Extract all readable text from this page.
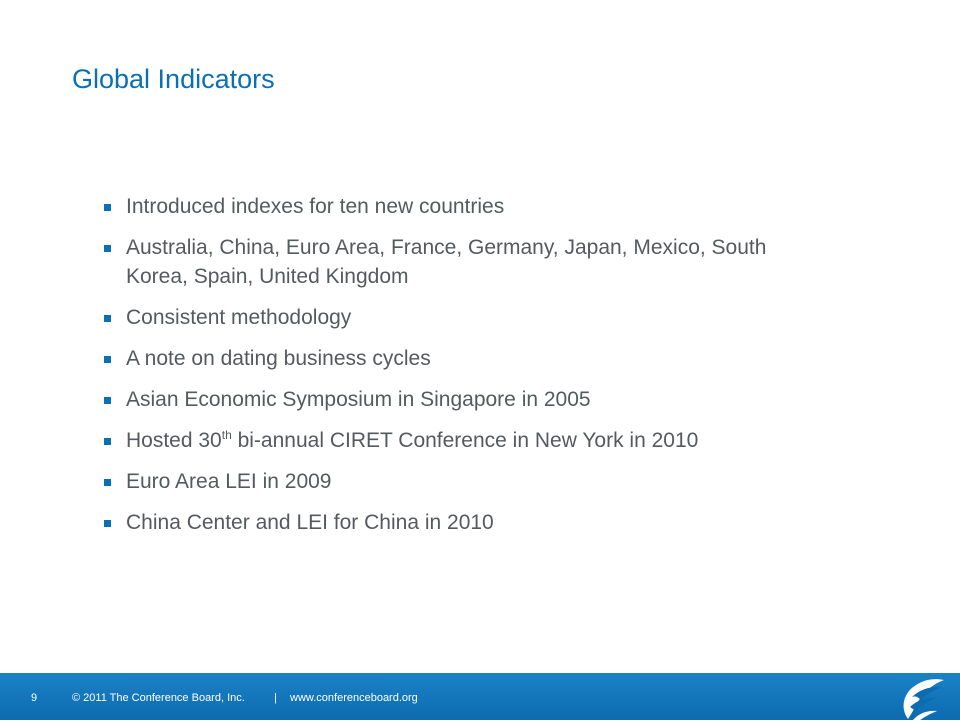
Global Indicators
Introduced indexes for ten new countries
Australia, China, Euro Area, France, Germany, Japan, Mexico, South Korea, Spain, United Kingdom
Consistent methodology
A note on dating business cycles
Asian Economic Symposium in Singapore in 2005
Hosted 30th bi-annual CIRET Conference in New York in 2010
Euro Area LEI in 2009
China Center and LEI for China in 2010
9	© 2011 The Conference Board, Inc.	| www.conferenceboard.org
